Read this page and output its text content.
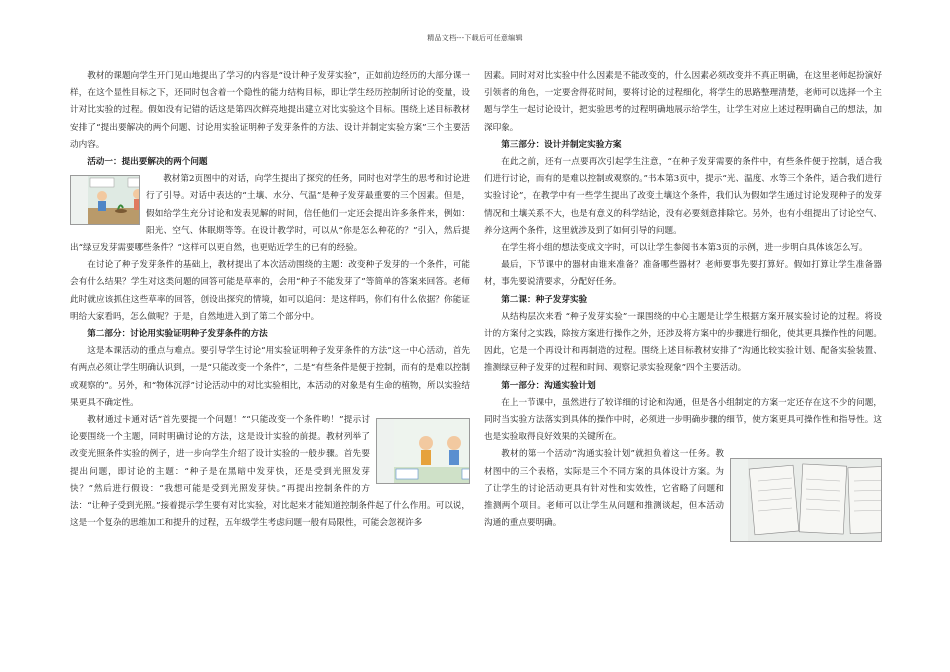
精品文档---下载后可任意编辑

教材的课题向学生开门见山地提出了学习的内容是“设计种子发芽实验”，正如前边经历的大部分课一样，在这个显性目标之下，还同时包含着一个隐性的能力结构目标，即让学生经历控制所讨论的变量，设计对比实验的过程。假如没有记错的话这是第四次鲜亮地提出建立对比实验这个目标。围绕上述目标教材安排了“提出要解决的两个问题、讨论用实验证明种子发芽条件的方法、设计并制定实验方案”三个主要活动内容。

活动一：提出要解决的两个问题

教材第2页图中的对话，向学生提出了探究的任务，同时也对学生的思考和讨论进行了引导。对话中表达的“土壤、水分、气温”是种子发芽最重要的三个因素。但是，假如给学生充分讨论和发表见解的时间，信任他们一定还会提出许多条件来，例如：阳光、空气、体眠期等等。在设计教学时，可以从“你是怎么种花的？”引入，然后提出“绿豆发芽需要哪些条件？”这样可以更自然，也更贴近学生的已有的经验。

在讨论了种子发芽条件的基础上，教材提出了本次活动围绕的主题：改变种子发芽的一个条件，可能会有什么结果？学生对这类问题的回答可能是草率的，会用“种子不能发芽了”等简单的答案来回答。老师此时就应该抓住这些草率的回答，创设出探究的情境，如可以追问：是这样吗，你们有什么依据？你能证明给大家看吗，怎么做呢？于是，自然地进入到了第二个部分中。

第二部分：讨论用实验证明种子发芽条件的方法

这是本课活动的重点与难点。要引导学生讨论“用实验证明种子发芽条件的方法”这一中心活动，首先有两点必须让学生明确认识到，一是“只能改变一个条件”，二是“有些条件是便于控制，而有的是难以控制或观察的”。另外，和“物体沉浮”讨论活动中的对比实验相比，本活动的对象是有生命的植物，所以实验结果更具不确定性。

教材通过卡通对话“首先要提一个问题！”“只能改变一个条件哟！”提示讨论要围绕一个主题，同时明确讨论的方法，这是设计实验的前提。教材列举了改变光照条件实验的例子，进一步向学生介绍了设计实验的一般步骤。首先要提出问题，即讨论的主题：“种子是在黑暗中发芽快，还是受到光照发芽快？”然后进行假设：“我想可能是受到光照发芽快。”再提出控制条件的方法：“让种子受到光照。”接着提示学生要有对比实验，对比起来才能知道控制条件起了什么作用。可以说，这是一个复杂的思维加工和提升的过程，五年级学生考虑问题一般有局限性，可能会忽视许多

因素。同时对对比实验中什么因素是不能改变的，什么因素必须改变并不真正明确，在这里老师起扮演好引领者的角色，一定要舍得花时间，要将讨论的过程细化，将学生的思路整理清楚，老师可以选择一个主题与学生一起讨论设计，把实验思考的过程明确地展示给学生，让学生对应上述过程明确自己的想法，加深印象。

第三部分：设计并制定实验方案

在此之前，还有一点要再次引起学生注意，“在种子发芽需要的条件中，有些条件便于控制，适合我们进行讨论，而有的是难以控制或观察的。”书本第3页中，提示“光、温度、水等三个条件，适合我们进行实验讨论”，在教学中有一些学生提出了改变土壤这个条件，我们认为假如学生通过讨论发现种子的发芽情况和土壤关系不大，也是有意义的科学结论，没有必要刻意排除它。另外，也有小组提出了讨论空气、养分这两个条件，这里就涉及到了如何引导的问题。

在学生将小组的想法变成文字时，可以让学生参阅书本第3页的示例，进一步明白具体该怎么写。

最后，下节课中的器材由谁来准备？准备哪些器材？老师要事先要打算好。假如打算让学生准备器材，事先要说清要求，分配好任务。

第二课：种子发芽实验

从结构层次来看 “种子发芽实验”一课围绕的中心主题是让学生根据方案开展实验讨论的过程。将设计的方案付之实践，除按方案进行操作之外，还涉及将方案中的步骤进行细化，使其更具操作性的问题。因此，它是一个再设计和再制造的过程。围绕上述目标教材安排了“沟通比较实验计划、配备实验装置、推测绿豆种子发芽的过程和时间、观察记录实验现象”四个主要活动。

第一部分：沟通实验计划

在上一节课中，虽然进行了较详细的讨论和沟通，但是各小组制定的方案一定还存在这不少的问题，同时当实验方法落实到具体的操作中时，必须进一步明确步骤的细节，使方案更具可操作性和指导性。这也是实验取得良好效果的关键所在。

教材的第一个活动“沟通实验计划”就担负着这一任务。教材图中的三个表格，实际是三个不同方案的具体设计方案。为了让学生的讨论活动更具有针对性和实效性，它省略了问题和推测两个项目。老师可以让学生从问题和推测谈起，但本活动沟通的重点要明确。
